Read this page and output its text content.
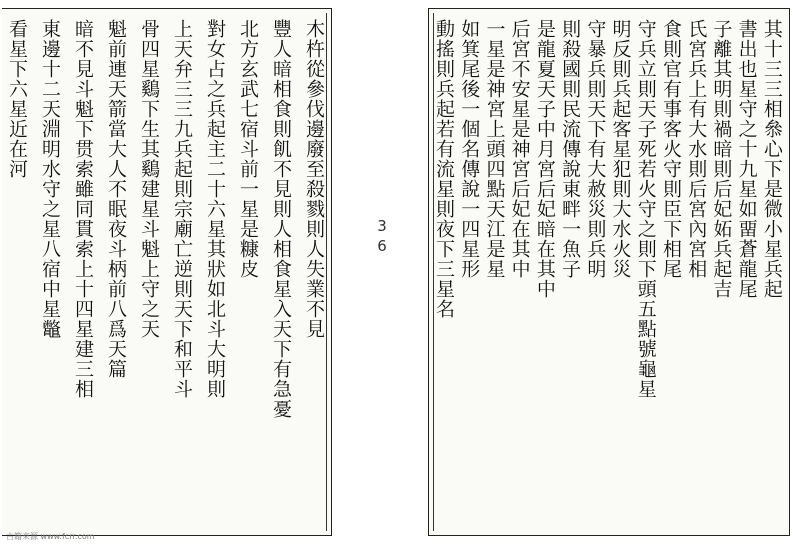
木杵從參伐邊廢至殺戮則人失業不見
豐人暗相食則飢不見則人相食星入天下有急憂
北方玄武七宿斗前一星是糠皮
對女占之兵起主二十六星其狀如北斗大明則
上天弁三三九兵起則宗廟亡逆則天下和平斗
骨四星鷄下生其鷄建星斗魁上守之天
魁前連天箭當大人不眠夜斗柄前八爲天篇
暗不見斗魁下贯索雖同貫索上十四星建三相
東邊十二天淵明水守之星八宿中星鼈
看星下六星近在河
3
6	其十三三相叅心下是微小星兵起
書出也星守之十九星如畱蒼龍尾
子離其明則禍暗則后妃妬兵起吉
氏宮兵上有大水則后宮內宮相
食則官有事客火守則臣下相尾
守兵立則天子死若火守之則下頭五點號龜星
明反則兵起客星犯則大水火災
守暴兵則天下有大赦災則兵明
則殺國則民流傳說東畔一魚子
是龍夏天子中月宮后妃暗在其中
后宮不安星是神宮后妃在其中
一星是神宮上頭四點天江是星
如箕尾後一個名傳說一四星形
動搖則兵起若有流星則夜下三星名
古籍來源 www.fcrr.com
